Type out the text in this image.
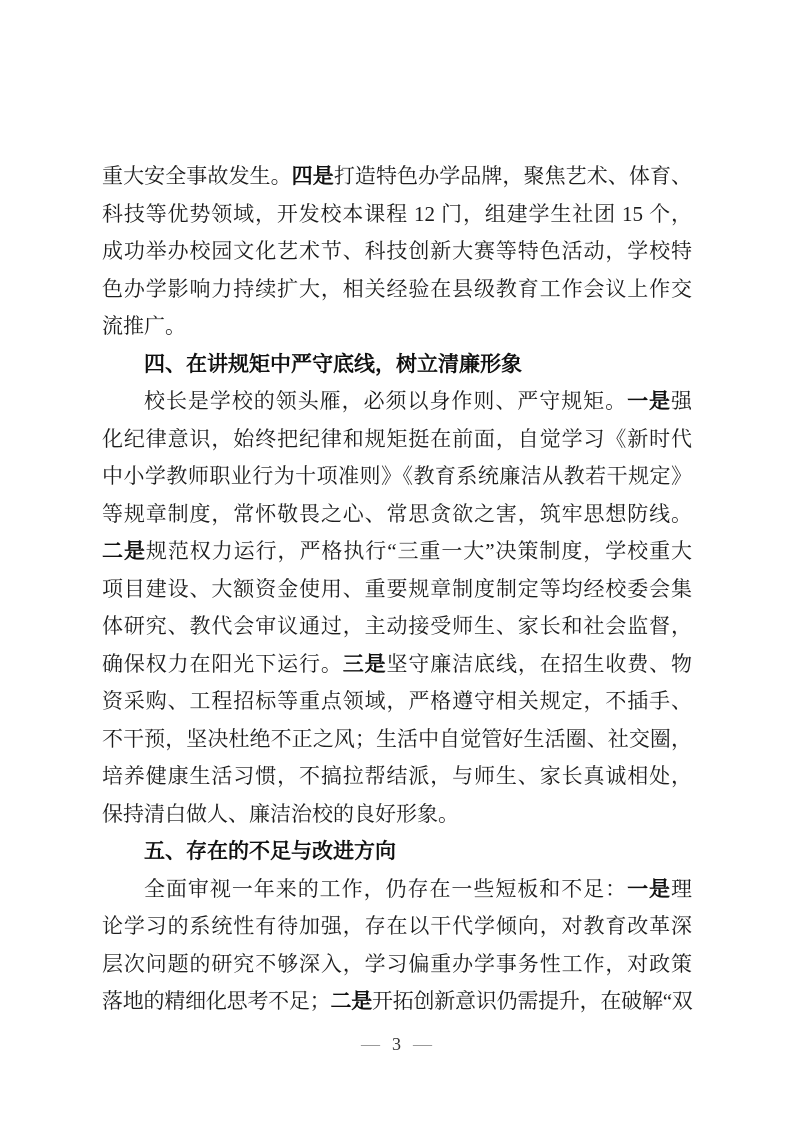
重大安全事故发生。四是打造特色办学品牌，聚焦艺术、体育、
科技等优势领域，开发校本课程 12 门，组建学生社团 15 个，
成功举办校园文化艺术节、科技创新大赛等特色活动，学校特
色办学影响力持续扩大，相关经验在县级教育工作会议上作交
流推广。
四、在讲规矩中严守底线，树立清廉形象
校长是学校的领头雁，必须以身作则、严守规矩。一是强
化纪律意识，始终把纪律和规矩挺在前面，自觉学习《新时代
中小学教师职业行为十项准则》《教育系统廉洁从教若干规定》
等规章制度，常怀敬畏之心、常思贪欲之害，筑牢思想防线。
二是规范权力运行，严格执行“三重一大”决策制度，学校重大
项目建设、大额资金使用、重要规章制度制定等均经校委会集
体研究、教代会审议通过，主动接受师生、家长和社会监督，
确保权力在阳光下运行。三是坚守廉洁底线，在招生收费、物
资采购、工程招标等重点领域，严格遵守相关规定，不插手、
不干预，坚决杜绝不正之风；生活中自觉管好生活圈、社交圈，
培养健康生活习惯，不搞拉帮结派，与师生、家长真诚相处，
保持清白做人、廉洁治校的良好形象。
五、存在的不足与改进方向
全面审视一年来的工作，仍存在一些短板和不足：一是理
论学习的系统性有待加强，存在以干代学倾向，对教育改革深
层次问题的研究不够深入，学习偏重办学事务性工作，对政策
落地的精细化思考不足；二是开拓创新意识仍需提升，在破解“双
— 3 —
